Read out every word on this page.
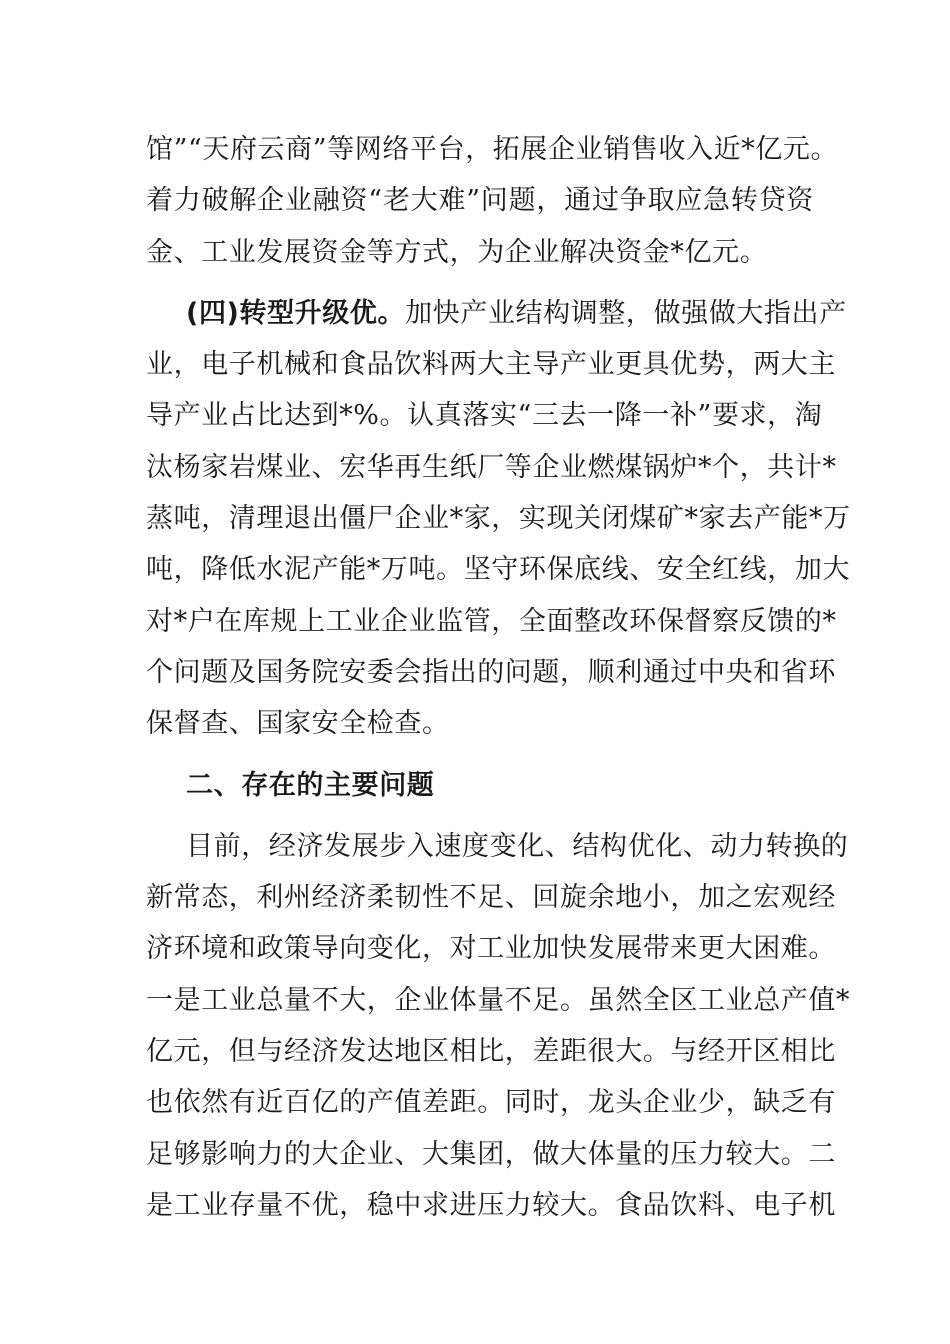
馆”“天府云商”等网络平台，拓展企业销售收入近*亿元。
着力破解企业融资“老大难”问题，通过争取应急转贷资
金、工业发展资金等方式，为企业解决资金*亿元。
(四)转型升级优。加快产业结构调整，做强做大指出产
业，电子机械和食品饮料两大主导产业更具优势，两大主
导产业占比达到*%。认真落实“三去一降一补”要求，淘
汰杨家岩煤业、宏华再生纸厂等企业燃煤锅炉*个，共计*
蒸吨，清理退出僵尸企业*家，实现关闭煤矿*家去产能*万
吨，降低水泥产能*万吨。坚守环保底线、安全红线，加大
对*户在库规上工业企业监管，全面整改环保督察反馈的*
个问题及国务院安委会指出的问题，顺利通过中央和省环
保督查、国家安全检查。
二、存在的主要问题
目前，经济发展步入速度变化、结构优化、动力转换的
新常态，利州经济柔韧性不足、回旋余地小，加之宏观经
济环境和政策导向变化，对工业加快发展带来更大困难。
一是工业总量不大，企业体量不足。虽然全区工业总产值*
亿元，但与经济发达地区相比，差距很大。与经开区相比
也依然有近百亿的产值差距。同时，龙头企业少，缺乏有
足够影响力的大企业、大集团，做大体量的压力较大。二
是工业存量不优，稳中求进压力较大。食品饮料、电子机
